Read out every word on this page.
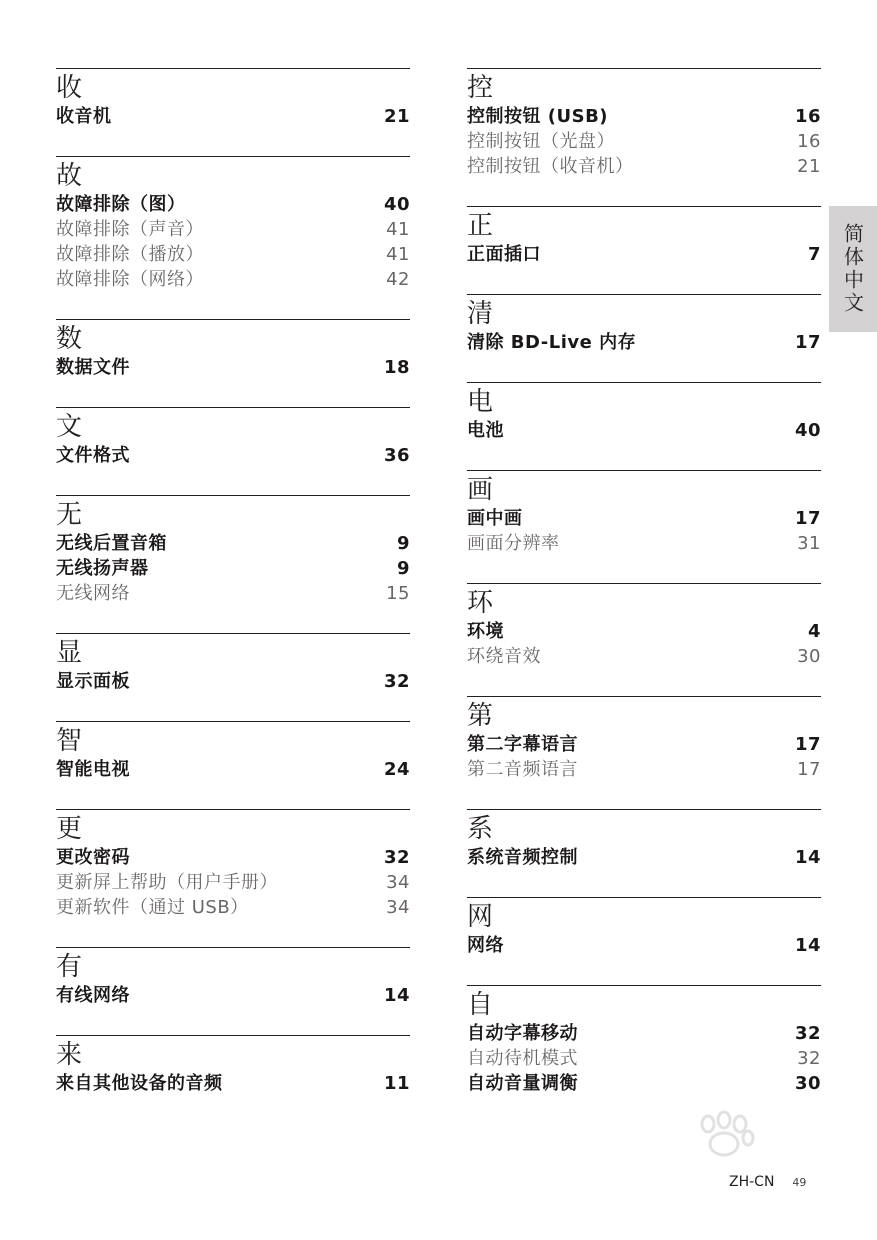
收
收音机	21
故
故障排除（图）	40
故障排除（声音）	41
故障排除（播放）	41
故障排除（网络）	42
数
数据文件	18
文
文件格式	36
无
无线后置音箱	9
无线扬声器	9
无线网络	15
显
显示面板	32
智
智能电视	24
更
更改密码	32
更新屏上帮助（用户手册）	34
更新软件（通过 USB）	34
有
有线网络	14
来
来自其他设备的音频	11
控
控制按钮 (USB)	16
控制按钮（光盘）	16
控制按钮（收音机）	21
正
正面插口	7
清
清除 BD-Live 内存	17
电
电池	40
画
画中画	17
画面分辨率	31
环
环境	4
环绕音效	30
第
第二字幕语言	17
第二音频语言	17
系
系统音频控制	14
网
网络	14
自
自动字幕移动	32
自动待机模式	32
自动音量调衡	30
简体中文
ZH-CN 49
